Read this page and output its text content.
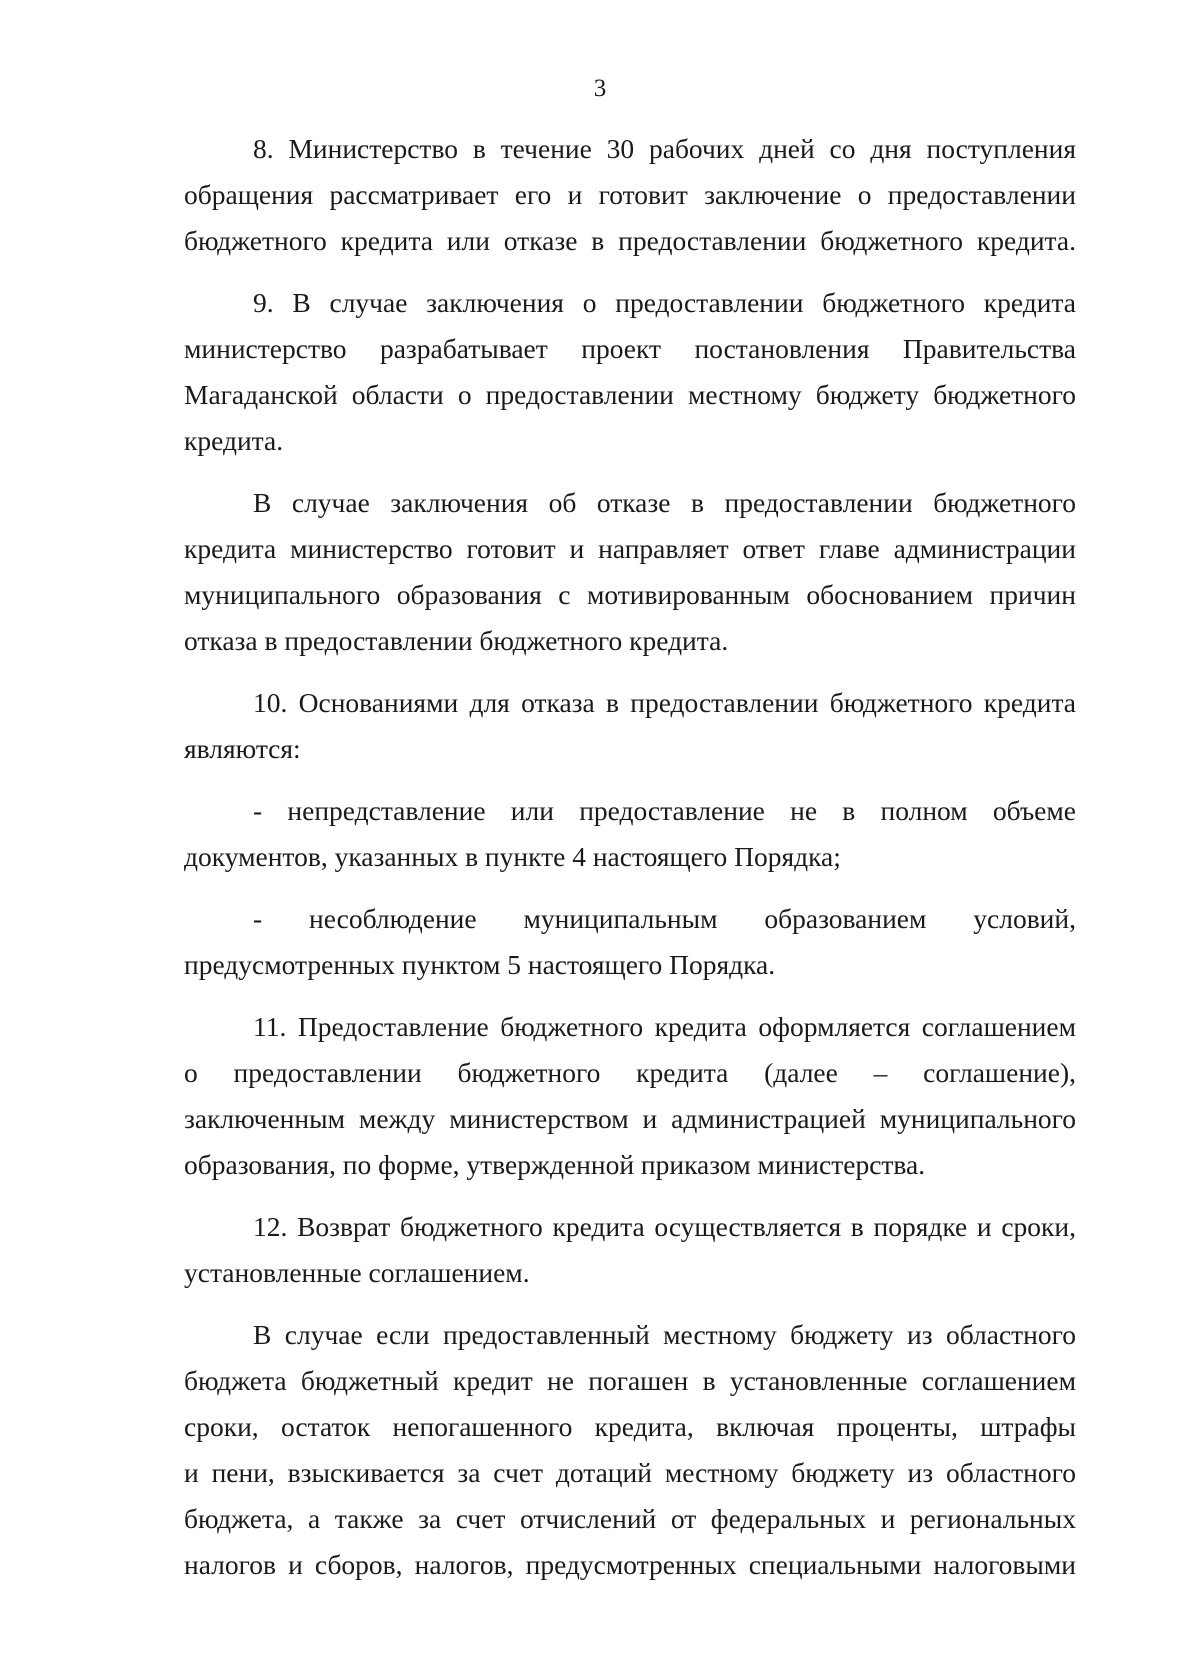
3
8. Министерство в течение 30 рабочих дней со дня поступления
обращения рассматривает его и готовит заключение о предоставлении
бюджетного кредита или отказе в предоставлении бюджетного кредита.
9. В случае заключения о предоставлении бюджетного кредита
министерство разрабатывает проект постановления Правительства
Магаданской области о предоставлении местному бюджету бюджетного
кредита.
В случае заключения об отказе в предоставлении бюджетного
кредита министерство готовит и направляет ответ главе администрации
муниципального образования с мотивированным обоснованием причин
отказа в предоставлении бюджетного кредита.
10. Основаниями для отказа в предоставлении бюджетного кредита
являются:
- непредставление или предоставление не в полном объеме
документов, указанных в пункте 4 настоящего Порядка;
- несоблюдение муниципальным образованием условий,
предусмотренных пунктом 5 настоящего Порядка.
11. Предоставление бюджетного кредита оформляется соглашением
о предоставлении бюджетного кредита (далее – соглашение),
заключенным между министерством и администрацией муниципального
образования, по форме, утвержденной приказом министерства.
12. Возврат бюджетного кредита осуществляется в порядке и сроки,
установленные соглашением.
В случае если предоставленный местному бюджету из областного
бюджета бюджетный кредит не погашен в установленные соглашением
сроки, остаток непогашенного кредита, включая проценты, штрафы
и пени, взыскивается за счет дотаций местному бюджету из областного
бюджета, а также за счет отчислений от федеральных и региональных
налогов и сборов, налогов, предусмотренных специальными налоговыми
